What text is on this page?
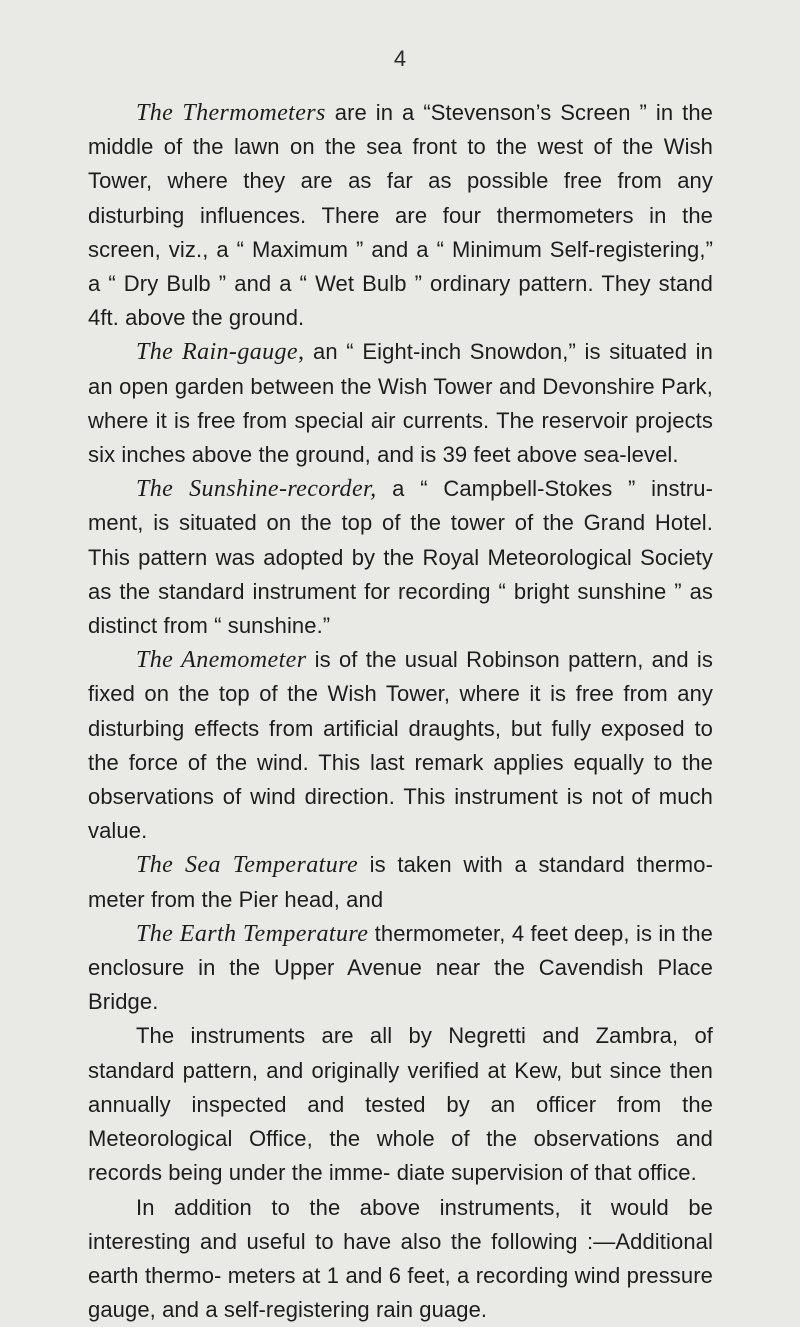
4

The Thermometers are in a “Stevenson’s Screen ” in the middle of the lawn on the sea front to the west of the Wish Tower, where they are as far as possible free from any disturbing influences. There are four thermometers in the screen, viz., a “ Maximum ” and a “ Minimum Self-registering,” a “ Dry Bulb ” and a “ Wet Bulb ” ordinary pattern. They stand 4ft. above the ground.

The Rain-gauge, an “ Eight-inch Snowdon,” is situated in an open garden between the Wish Tower and Devonshire Park, where it is free from special air currents. The reservoir projects six inches above the ground, and is 39 feet above sea-level.

The Sunshine-recorder, a “ Campbell-Stokes ” instru- ment, is situated on the top of the tower of the Grand Hotel. This pattern was adopted by the Royal Meteorological Society as the standard instrument for recording “ bright sunshine ” as distinct from “ sunshine.”

The Anemometer is of the usual Robinson pattern, and is fixed on the top of the Wish Tower, where it is free from any disturbing effects from artificial draughts, but fully exposed to the force of the wind. This last remark applies equally to the observations of wind direction. This instrument is not of much value.

The Sea Temperature is taken with a standard thermo- meter from the Pier head, and

The Earth Temperature thermometer, 4 feet deep, is in the enclosure in the Upper Avenue near the Cavendish Place Bridge.

The instruments are all by Negretti and Zambra, of standard pattern, and originally verified at Kew, but since then annually inspected and tested by an officer from the Meteorological Office, the whole of the observations and records being under the imme- diate supervision of that office.

In addition to the above instruments, it would be interesting and useful to have also the following :—Additional earth thermo- meters at 1 and 6 feet, a recording wind pressure gauge, and a self-registering rain guage.
